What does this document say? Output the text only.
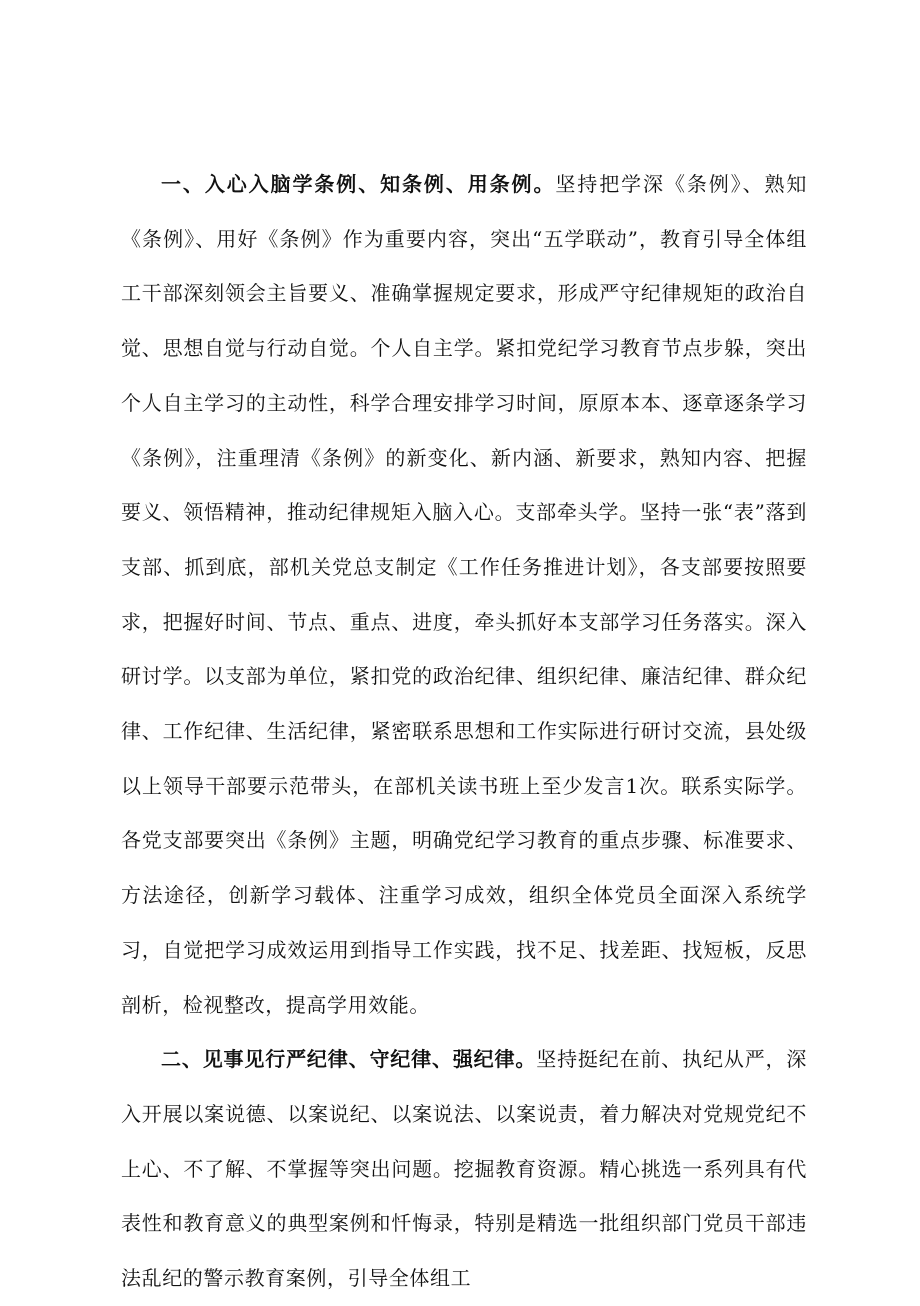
一、入心入脑学条例、知条例、用条例。坚持把学深《条例》、熟知《条例》、用好《条例》作为重要内容，突出“五学联动”，教育引导全体组工干部深刻领会主旨要义、准确掌握规定要求，形成严守纪律规矩的政治自觉、思想自觉与行动自觉。个人自主学。紧扣党纪学习教育节点步躲，突出个人自主学习的主动性，科学合理安排学习时间，原原本本、逐章逐条学习《条例》，注重理清《条例》的新变化、新内涵、新要求，熟知内容、把握要义、领悟精神，推动纪律规矩入脑入心。支部牵头学。坚持一张“表”落到支部、抓到底，部机关党总支制定《工作任务推进计划》，各支部要按照要求，把握好时间、节点、重点、进度，牵头抓好本支部学习任务落实。深入研讨学。以支部为单位，紧扣党的政治纪律、组织纪律、廉洁纪律、群众纪律、工作纪律、生活纪律，紧密联系思想和工作实际进行研讨交流，县处级以上领导干部要示范带头，在部机关读书班上至少发言1次。联系实际学。各党支部要突出《条例》主题，明确党纪学习教育的重点步骤、标准要求、方法途径，创新学习载体、注重学习成效，组织全体党员全面深入系统学习，自觉把学习成效运用到指导工作实践，找不足、找差距、找短板，反思剖析，检视整改，提高学用效能。

二、见事见行严纪律、守纪律、强纪律。坚持挺纪在前、执纪从严，深入开展以案说德、以案说纪、以案说法、以案说责，着力解决对党规党纪不上心、不了解、不掌握等突出问题。挖掘教育资源。精心挑选一系列具有代表性和教育意义的典型案例和忏悔录，特别是精选一批组织部门党员干部违法乱纪的警示教育案例，引导全体组工
